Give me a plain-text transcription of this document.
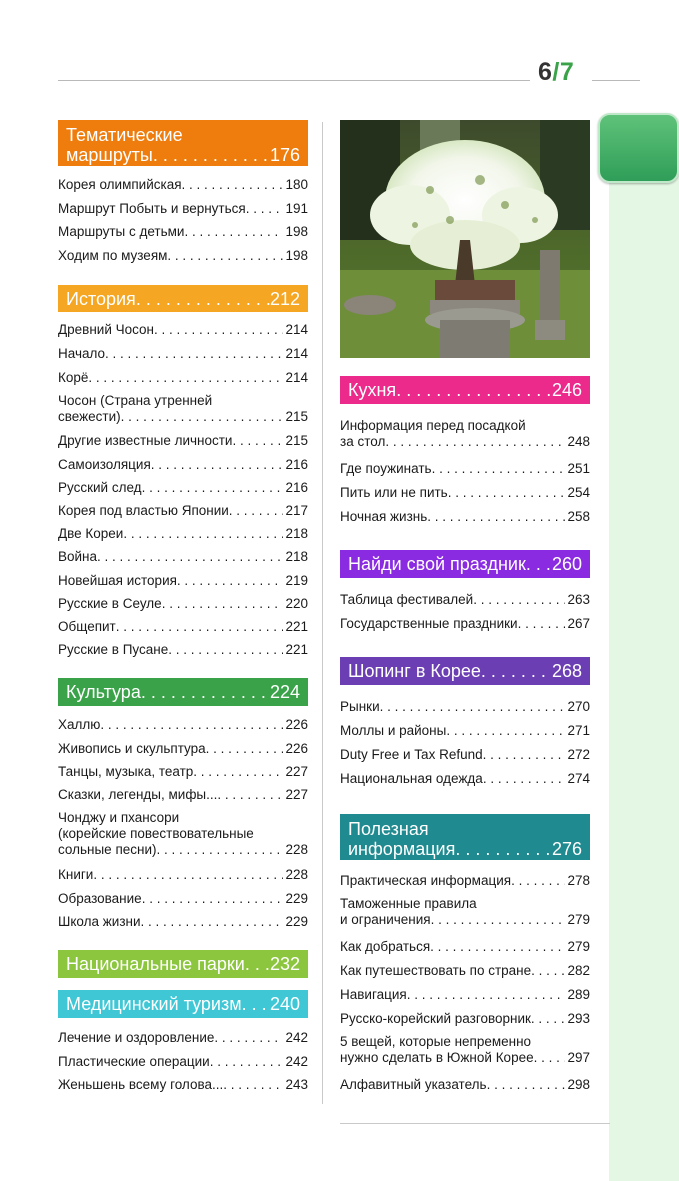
6/7
Тематические
маршруты . . .	176
Корея олимпийская . . .	180
Маршрут Побыть и вернуться . . .	191
Маршруты с детьми . . .	198
Ходим по музеям . . .	198
История . . .	212
Древний Чосон . . .	214
Начало . . .	214
Корё . . .	214
Чосон (Страна утренней
свежести) . . .	215
Другие известные личности . . .	215
Самоизоляция . . .	216
Русский след . . .	216
Корея под властью Японии . . .	217
Две Кореи . . .	218
Война . . .	218
Новейшая история . . .	219
Русские в Сеуле . . .	220
Общепит . . .	221
Русские в Пусане . . .	221
Культура . . .	224
Халлю . . .	226
Живопись и скульптура . . .	226
Танцы, музыка, театр . . .	227
Сказки, легенды, мифы... . . .	227
Чонджу и пхансори
(корейские повествовательные
сольные песни) . . .	228
Книги . . .	228
Образование . . .	229
Школа жизни . . .	229
Национальные парки . . . 232
Медицинский туризм . . . 240
Лечение и оздоровление . . .	242
Пластические операции . . .	242
Женьшень всему голова... . . .	243
Кухня . . .	246
Информация перед посадкой
за стол . . .	248
Где поужинать . . .	251
Пить или не пить . . .	254
Ночная жизнь . . .	258
Найди свой праздник . . . 260
Таблица фестивалей . . .	263
Государственные праздники . . .	267
Шопинг в Корее . . .	268
Рынки . . .	270
Моллы и районы . . .	271
Duty Free и Tax Refund . . .	272
Национальная одежда . . .	274
Полезная
информация . . .	276
Практическая информация . . .	278
Таможенные правила
и ограничения . . .	279
Как добраться . . .	279
Как путешествовать по стране . . .	282
Навигация . . .	289
Русско-корейский разговорник . . .	293
5 вещей, которые непременно
нужно сделать в Южной Корее . . .	297
Алфавитный указатель . . .	298
